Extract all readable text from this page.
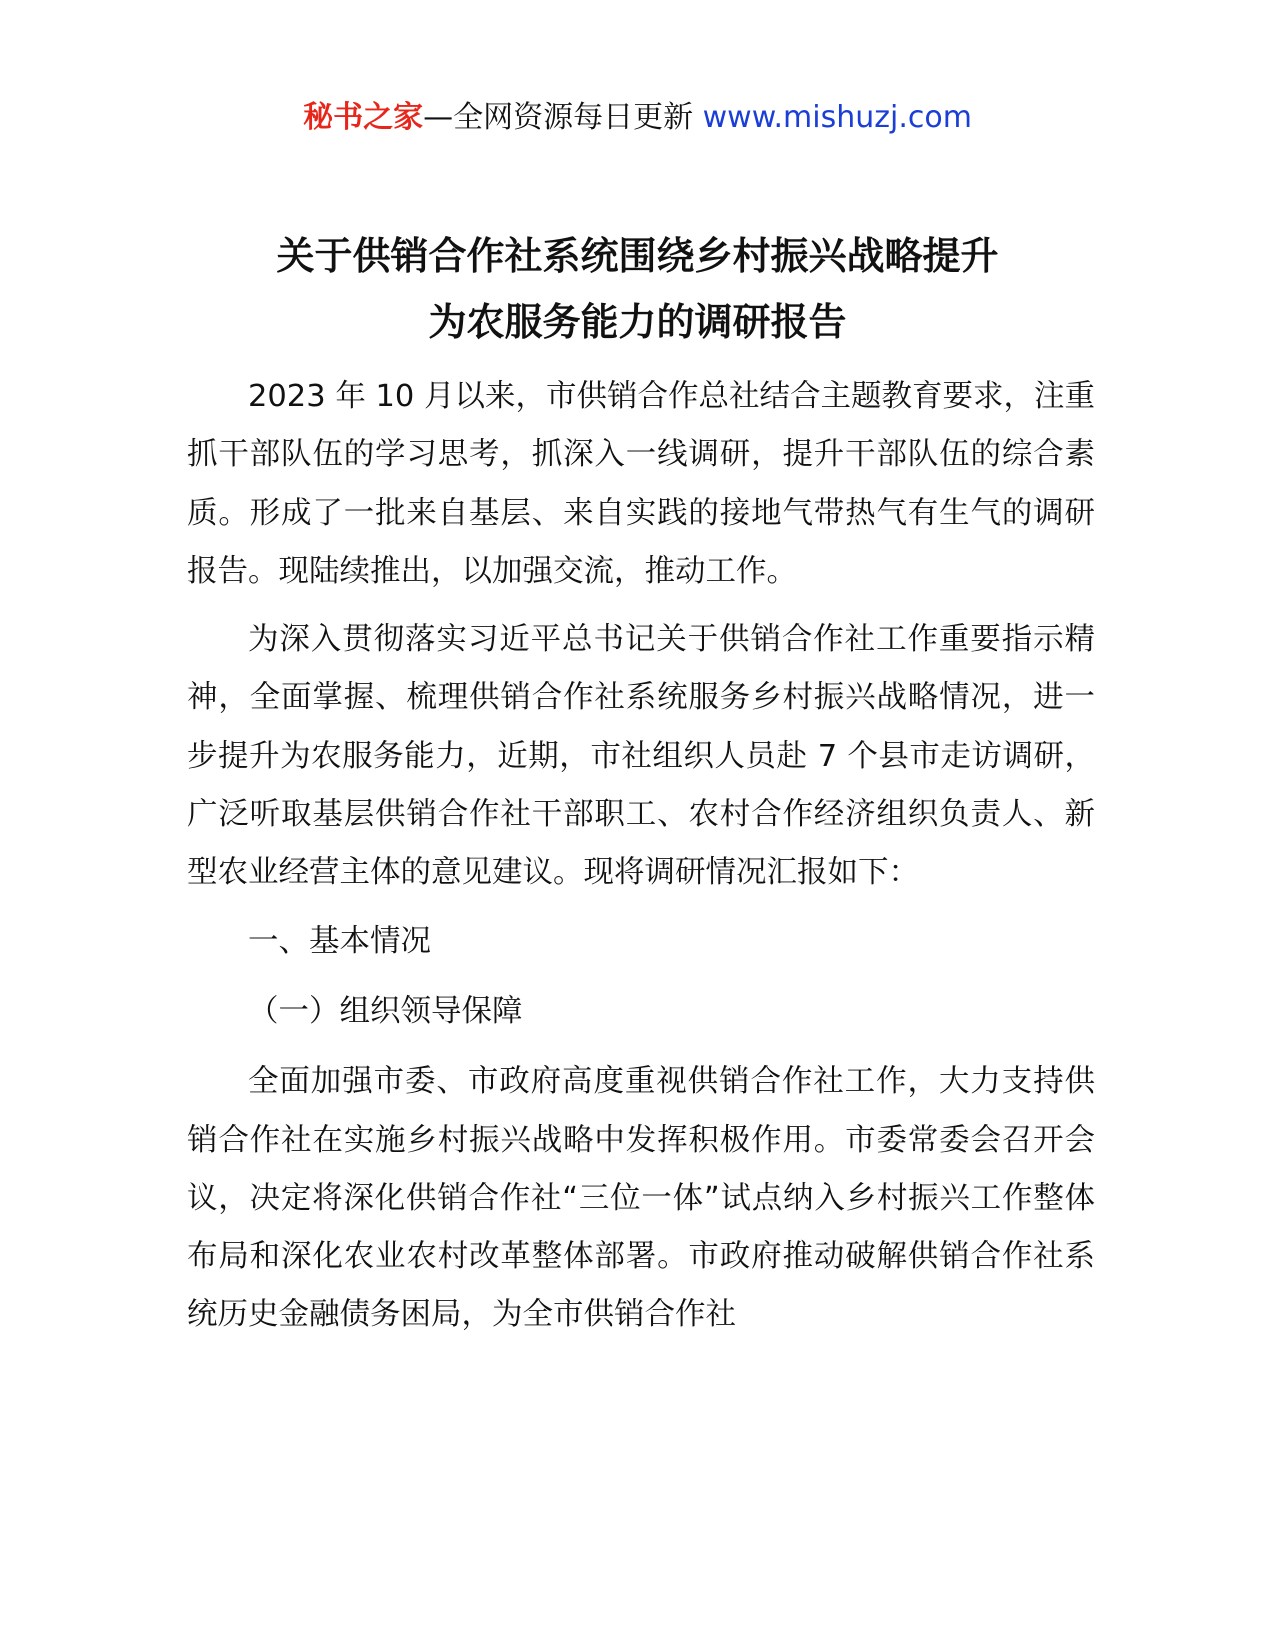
秘书之家—全网资源每日更新 www.mishuzj.com
关于供销合作社系统围绕乡村振兴战略提升
为农服务能力的调研报告

2023 年 10 月以来，市供销合作总社结合主题教育要求，注重抓干部队伍的学习思考，抓深入一线调研，提升干部队伍的综合素质。形成了一批来自基层、来自实践的接地气带热气有生气的调研报告。现陆续推出，以加强交流，推动工作。

为深入贯彻落实习近平总书记关于供销合作社工作重要指示精神，全面掌握、梳理供销合作社系统服务乡村振兴战略情况，进一步提升为农服务能力，近期，市社组织人员赴 7 个县市走访调研，广泛听取基层供销合作社干部职工、农村合作经济组织负责人、新型农业经营主体的意见建议。现将调研情况汇报如下：

一、基本情况

（一）组织领导保障

全面加强市委、市政府高度重视供销合作社工作，大力支持供销合作社在实施乡村振兴战略中发挥积极作用。市委常委会召开会议，决定将深化供销合作社“三位一体”试点纳入乡村振兴工作整体布局和深化农业农村改革整体部署。市政府推动破解供销合作社系统历史金融债务困局，为全市供销合作社
